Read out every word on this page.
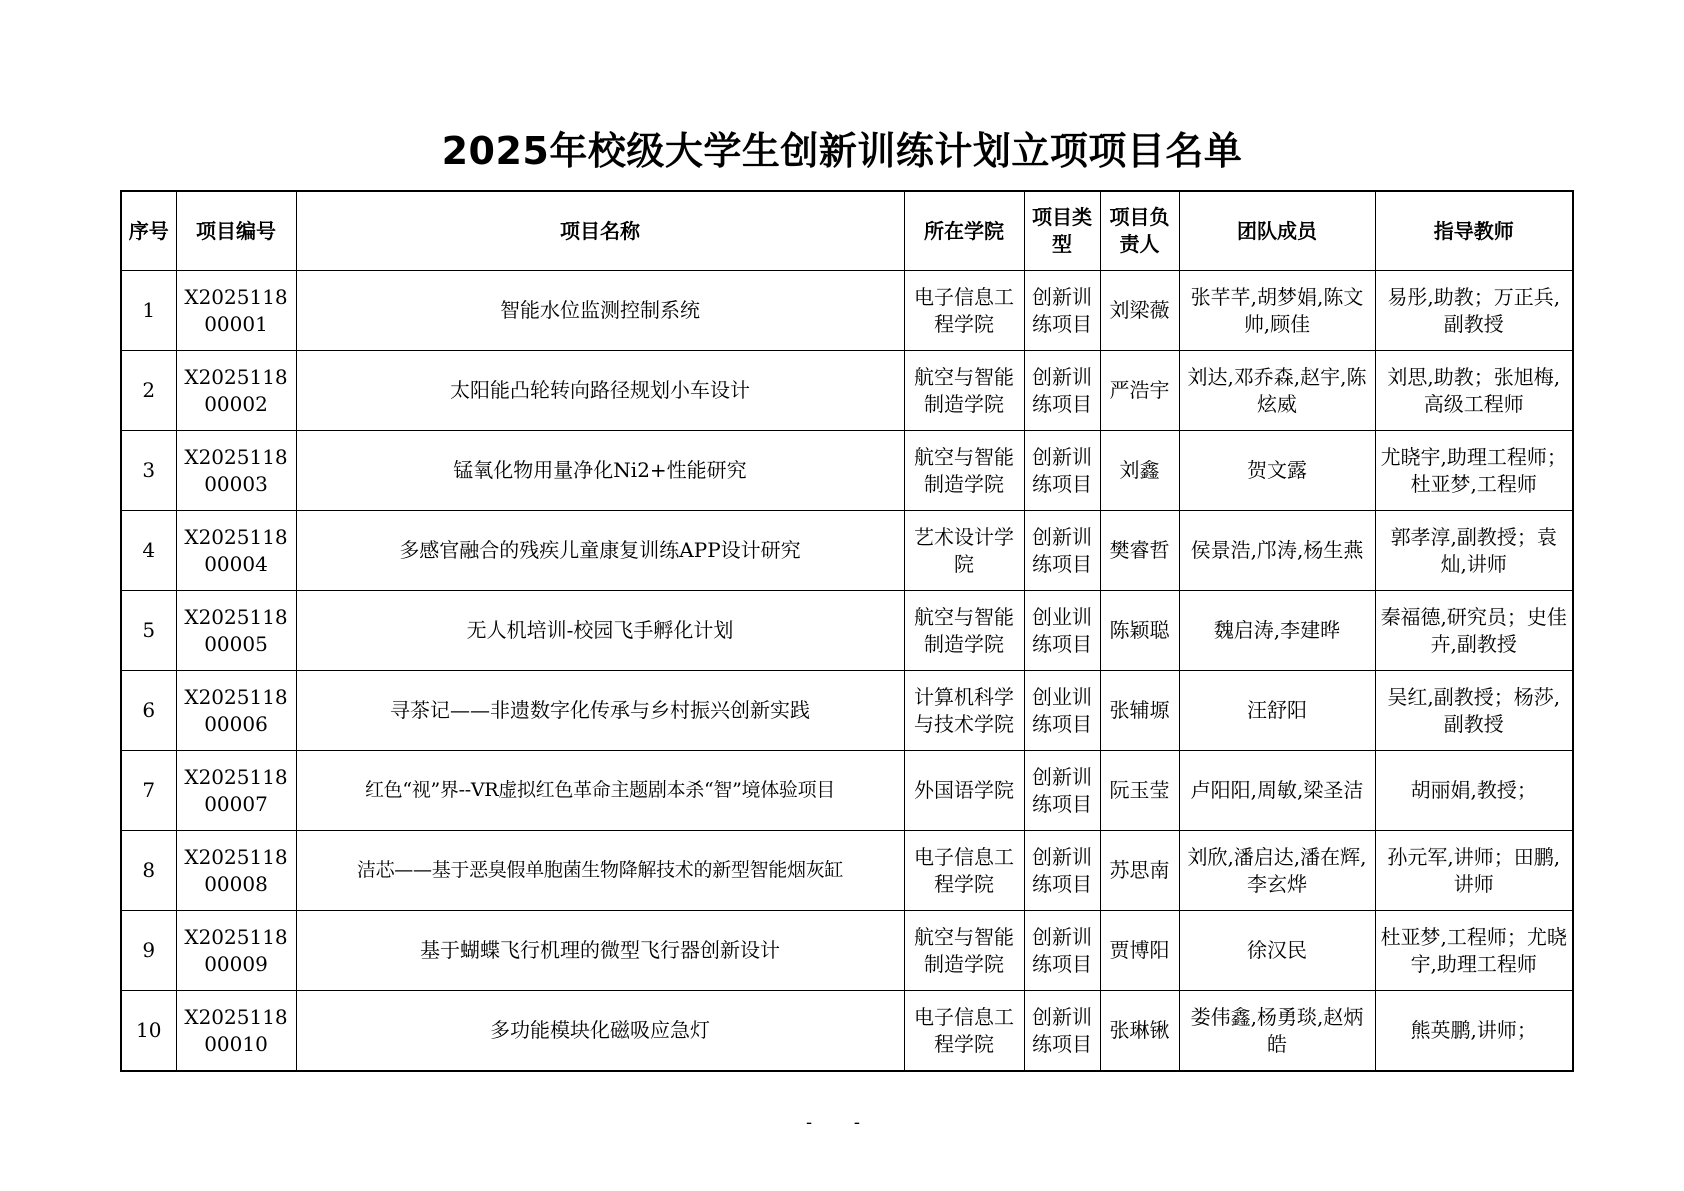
2025年校级大学生创新训练计划立项项目名单
序号	项目编号	项目名称	所在学院	项目类型	项目负责人	团队成员	指导教师
1	X202511800001	智能水位监测控制系统	电子信息工程学院	创新训练项目	刘梁薇	张芊芊,胡梦娟,陈文帅,顾佳	易彤,助教；万正兵,副教授
2	X202511800002	太阳能凸轮转向路径规划小车设计	航空与智能制造学院	创新训练项目	严浩宇	刘达,邓乔森,赵宇,陈炫威	刘思,助教；张旭梅,高级工程师
3	X202511800003	锰氧化物用量净化Ni2+性能研究	航空与智能制造学院	创新训练项目	刘鑫	贺文露	尤晓宇,助理工程师；杜亚梦,工程师
4	X202511800004	多感官融合的残疾儿童康复训练APP设计研究	艺术设计学院	创新训练项目	樊睿哲	侯景浩,邝涛,杨生燕	郭孝淳,副教授；袁灿,讲师
5	X202511800005	无人机培训-校园飞手孵化计划	航空与智能制造学院	创业训练项目	陈颖聪	魏启涛,李建晔	秦福德,研究员；史佳卉,副教授
6	X202511800006	寻茶记——非遗数字化传承与乡村振兴创新实践	计算机科学与技术学院	创业训练项目	张辅塬	汪舒阳	吴红,副教授；杨莎,副教授
7	X202511800007	红色“视”界--VR虚拟红色革命主题剧本杀“智”境体验项目	外国语学院	创新训练项目	阮玉莹	卢阳阳,周敏,梁圣洁	胡丽娟,教授；
8	X202511800008	洁芯——基于恶臭假单胞菌生物降解技术的新型智能烟灰缸	电子信息工程学院	创新训练项目	苏思南	刘欣,潘启达,潘在辉,李玄烨	孙元军,讲师；田鹏,讲师
9	X202511800009	基于蝴蝶飞行机理的微型飞行器创新设计	航空与智能制造学院	创新训练项目	贾博阳	徐汉民	杜亚梦,工程师；尤晓宇,助理工程师
10	X202511800010	多功能模块化磁吸应急灯	电子信息工程学院	创新训练项目	张琳锹	娄伟鑫,杨勇琰,赵炳皓	熊英鹏,讲师；
- -
